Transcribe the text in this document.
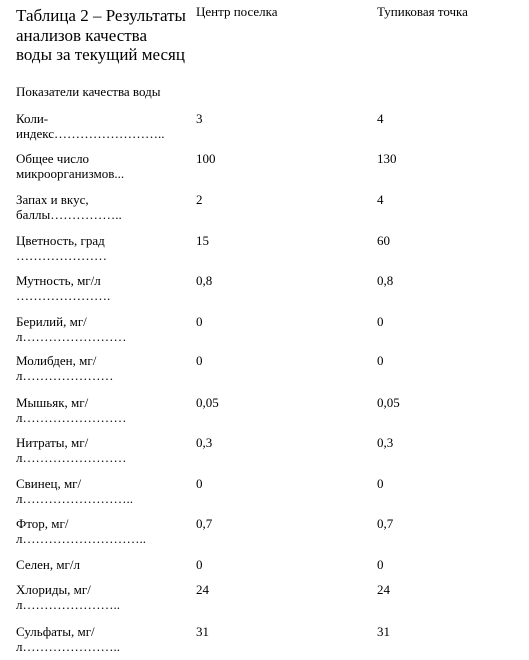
Таблица 2 – Результаты анализов качества воды за текущий месяц
Показатели качества воды
Центр поселка	Тупиковая точка
Коли-
индекс……………………..
3	4
Общее число
микроорганизмов...
100	130
Запах и вкус,
баллы……………..
2	4
Цветность, град
…………………
15	60
Мутность, мг/л
………………….
0,8	0,8
Берилий, мг/
л……………………
0	0
Молибден, мг/
л…………………
0	0
Мышьяк, мг/
л……………………
0,05	0,05
Нитраты, мг/
л……………………
0,3	0,3
Свинец, мг/
л……………………..
0	0
Фтор, мг/
л………………………..
0,7	0,7
Селен, мг/л	0	0
Хлориды, мг/
л…………………..
24	24
Сульфаты, мг/
л…………………..
31	31
